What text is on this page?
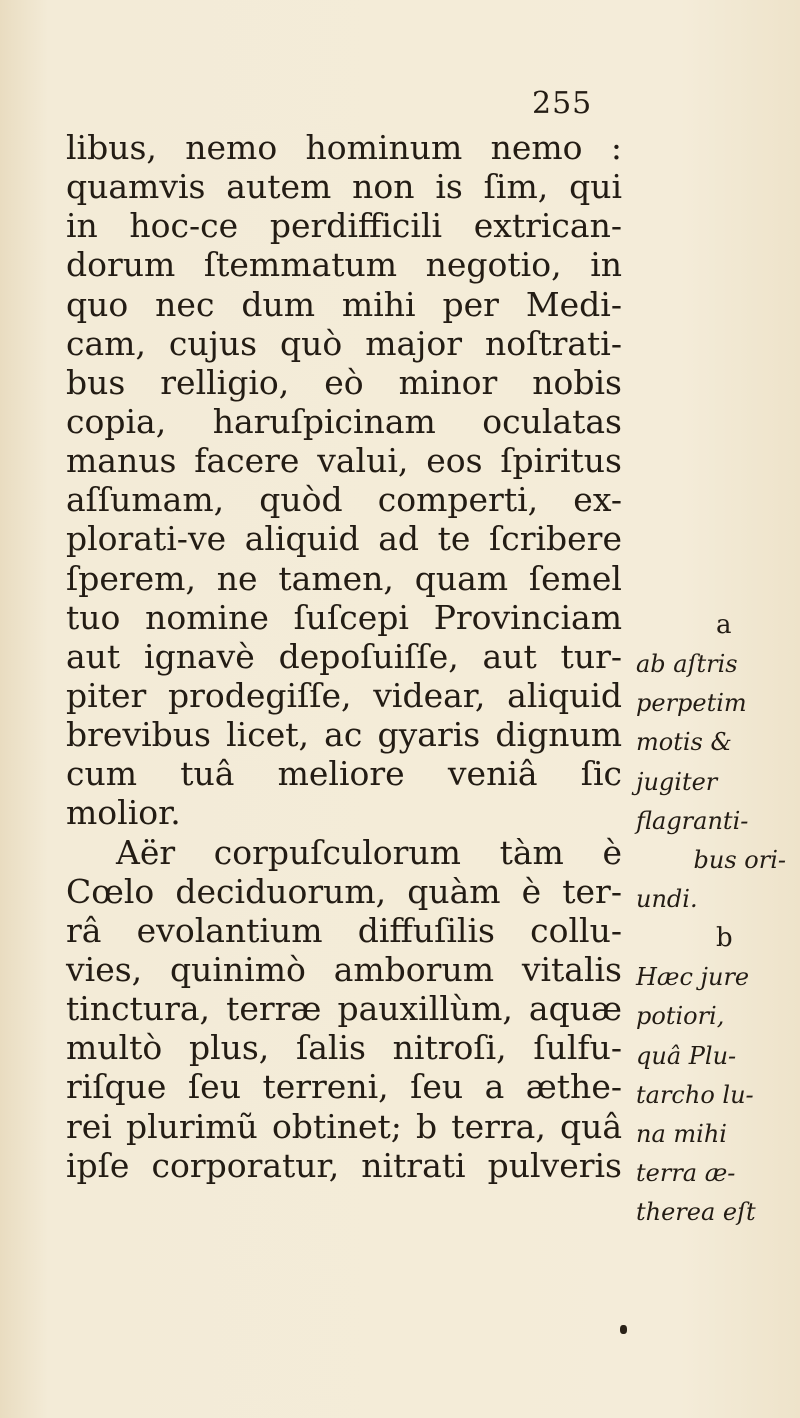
255
libus, nemo hominum nemo :
quamvis autem non is ſim, qui
in hoc-ce perdifficili extrican-
dorum ſtemmatum negotio, in
quo nec dum mihi per Medi-
cam, cujus quò major noſtrati-
bus relligio, eò minor nobis
copia, haruſpicinam oculatas
manus facere valui, eos ſpiritus
aſſumam, quòd comperti, ex-
plorati-ve aliquid ad te ſcribere
ſperem, ne tamen, quam ſemel
tuo nomine ſuſcepi Provinciam
aut ignavè depoſuiſſe, aut tur-
piter prodegiſſe, videar, aliquid
brevibus licet, ac gyaris dignum
cum tuâ meliore veniâ ſic
molior.
Aër corpuſculorum tàm è
Cœlo deciduorum, quàm è ter-
râ evolantium diffuſilis collu-
vies, quinimò amborum vitalis
tinctura, terræ pauxillùm, aquæ
multò plus, ſalis nitroſi, ſulfu-
riſque ſeu terreni, ſeu a æthe-
rei plurimũ obtinet; b terra, quâ
ipſe corporatur, nitrati pulveris
a
ab aſtris
perpetim
motis &
jugiter
flagranti-
bus ori-
undi.
b
Hæc jure
potiori,
quâ Plu-
tarcho lu-
na mihi
terra æ-
therea eſt
